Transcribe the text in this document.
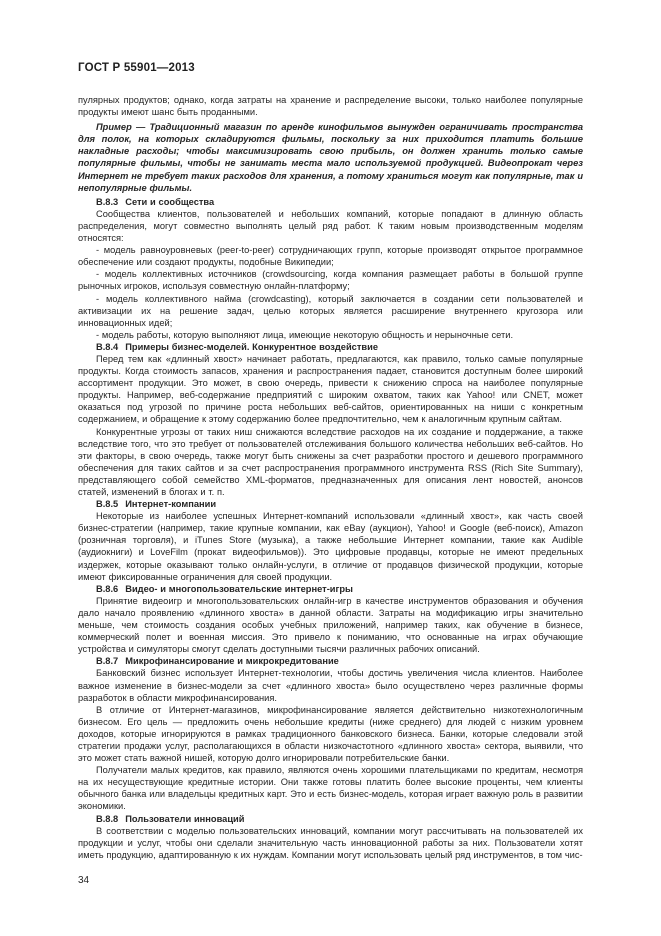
ГОСТ Р 55901—2013

пулярных продуктов; однако, когда затраты на хранение и распределение высоки, только наиболее популярные продукты имеют шанс быть проданными.

Пример — Традиционный магазин по аренде кинофильмов вынужден ограничивать пространства для полок, на которых складируются фильмы, поскольку за них приходится платить большие накладные расходы; чтобы максимизировать свою прибыль, он должен хранить только самые популярные фильмы, чтобы не занимать места мало используемой продукцией. Видеопрокат через Интернет не требует таких расходов для хранения, а потому храниться могут как популярные, так и непопулярные фильмы.

В.8.3 Сети и сообщества

Сообщества клиентов, пользователей и небольших компаний, которые попадают в длинную область распределения, могут совместно выполнять целый ряд работ. К таким новым производственным моделям относятся:

- модель равноуровневых (peer-to-peer) сотрудничающих групп, которые производят открытое программное обеспечение или создают продукты, подобные Википедии;

- модель коллективных источников (crowdsourcing, когда компания размещает работы в большой группе рыночных игроков, используя совместную онлайн-платформу;

- модель коллективного найма (crowdcasting), который заключается в создании сети пользователей и активизации их на решение задач, целью которых является расширение внутреннего кругозора или инновационных идей;

- модель работы, которую выполняют лица, имеющие некоторую общность и нерыночные сети.

В.8.4 Примеры бизнес-моделей. Конкурентное воздействие

Перед тем как «длинный хвост» начинает работать, предлагаются, как правило, только самые популярные продукты. Когда стоимость запасов, хранения и распространения падает, становится доступным более широкий ассортимент продукции. Это может, в свою очередь, привести к снижению спроса на наиболее популярные продукты. Например, веб-содержание предприятий с широким охватом, таких как Yahoo! или CNET, может оказаться под угрозой по причине роста небольших веб-сайтов, ориентированных на ниши с конкретным содержанием, и обращение к этому содержанию более предпочтительно, чем к аналогичным крупным сайтам.

Конкурентные угрозы от таких ниш снижаются вследствие расходов на их создание и поддержание, а также вследствие того, что это требует от пользователей отслеживания большого количества небольших веб-сайтов. Но эти факторы, в свою очередь, также могут быть снижены за счет разработки простого и дешевого программного обеспечения для таких сайтов и за счет распространения программного инструмента RSS (Rich Site Summary), представляющего собой семейство XML-форматов, предназначенных для описания лент новостей, анонсов статей, изменений в блогах и т. п.

В.8.5 Интернет-компании

Некоторые из наиболее успешных Интернет-компаний использовали «длинный хвост», как часть своей бизнес-стратегии (например, такие крупные компании, как eBay (аукцион), Yahoo! и Google (веб-поиск), Amazon (розничная торговля), и iTunes Store (музыка), а также небольшие Интернет компании, такие как Audible (аудиокниги) и LoveFilm (прокат видеофильмов)). Это цифровые продавцы, которые не имеют предельных издержек, которые оказывают только онлайн-услуги, в отличие от продавцов физической продукции, которые имеют фиксированные ограничения для своей продукции.

В.8.6 Видео- и многопользовательские интернет-игры

Принятие видеоигр и многопользовательских онлайн-игр в качестве инструментов образования и обучения дало начало проявлению «длинного хвоста» в данной области. Затраты на модификацию игры значительно меньше, чем стоимость создания особых учебных приложений, например таких, как обучение в бизнесе, коммерческий полет и военная миссия. Это привело к пониманию, что основанные на играх обучающие устройства и симуляторы смогут сделать доступными тысячи различных рабочих описаний.

В.8.7 Микрофинансирование и микрокредитование

Банковский бизнес использует Интернет-технологии, чтобы достичь увеличения числа клиентов. Наиболее важное изменение в бизнес-модели за счет «длинного хвоста» было осуществлено через различные формы разработок в области микрофинансирования.

В отличие от Интернет-магазинов, микрофинансирование является действительно низкотехнологичным бизнесом. Его цель — предложить очень небольшие кредиты (ниже среднего) для людей с низким уровнем доходов, которые игнорируются в рамках традиционного банковского бизнеса. Банки, которые следовали этой стратегии продажи услуг, располагающихся в области низкочастотного «длинного хвоста» сектора, выявили, что это может стать важной нишей, которую долго игнорировали потребительские банки.

Получатели малых кредитов, как правило, являются очень хорошими плательщиками по кредитам, несмотря на их несуществующие кредитные истории. Они также готовы платить более высокие проценты, чем клиенты обычного банка или владельцы кредитных карт. Это и есть бизнес-модель, которая играет важную роль в развитии экономики.

В.8.8 Пользователи инноваций

В соответствии с моделью пользовательских инноваций, компании могут рассчитывать на пользователей их продукции и услуг, чтобы они сделали значительную часть инновационной работы за них. Пользователи хотят иметь продукцию, адаптированную к их нуждам. Компании могут использовать целый ряд инструментов, в том чис-

34
